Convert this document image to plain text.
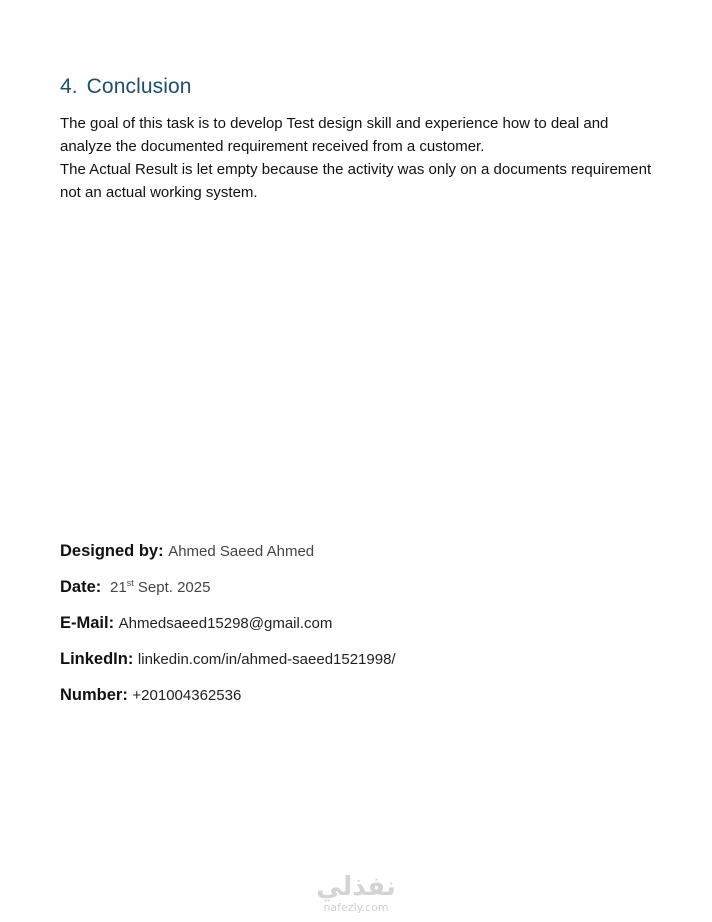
4. Conclusion

The goal of this task is to develop Test design skill and experience how to deal and analyze the documented requirement received from a customer.

The Actual Result is let empty because the activity was only on a documents requirement not an actual working system.

Designed by: Ahmed Saeed Ahmed
Date:  21st Sept. 2025
E-Mail: Ahmedsaeed15298@gmail.com
LinkedIn: linkedin.com/in/ahmed-saeed1521998/
Number: +201004362536
نفذلي
nafezly.com
